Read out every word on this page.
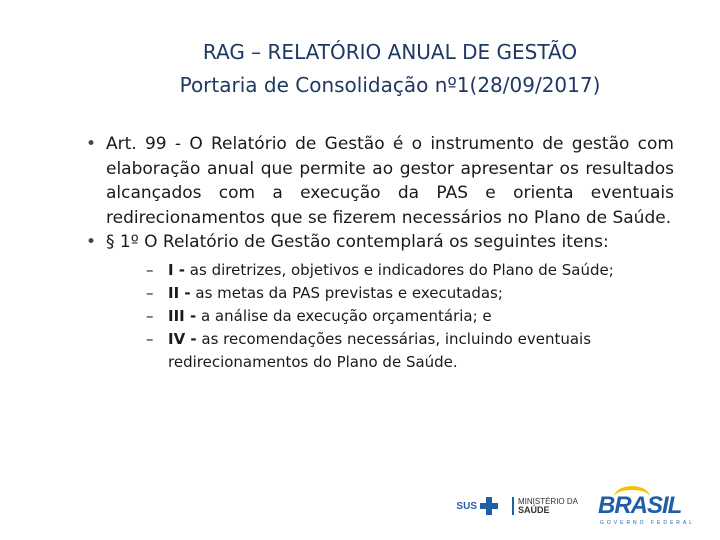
RAG – RELATÓRIO ANUAL DE GESTÃO
Portaria de Consolidação nº1(28/09/2017)
• Art. 99 - O Relatório de Gestão é o instrumento de gestão com elaboração anual que permite ao gestor apresentar os resultados alcançados com a execução da PAS e orienta eventuais redirecionamentos que se fizerem necessários no Plano de Saúde.
• § 1º O Relatório de Gestão contemplará os seguintes itens:
– I - as diretrizes, objetivos e indicadores do Plano de Saúde;
– II - as metas da PAS previstas e executadas;
– III - a análise da execução orçamentária; e
– IV - as recomendações necessárias, incluindo eventuais redirecionamentos do Plano de Saúde.
SUS	MINISTÉRIO DA
SAÚDE	BRASIL
GOVERNO FEDERAL
